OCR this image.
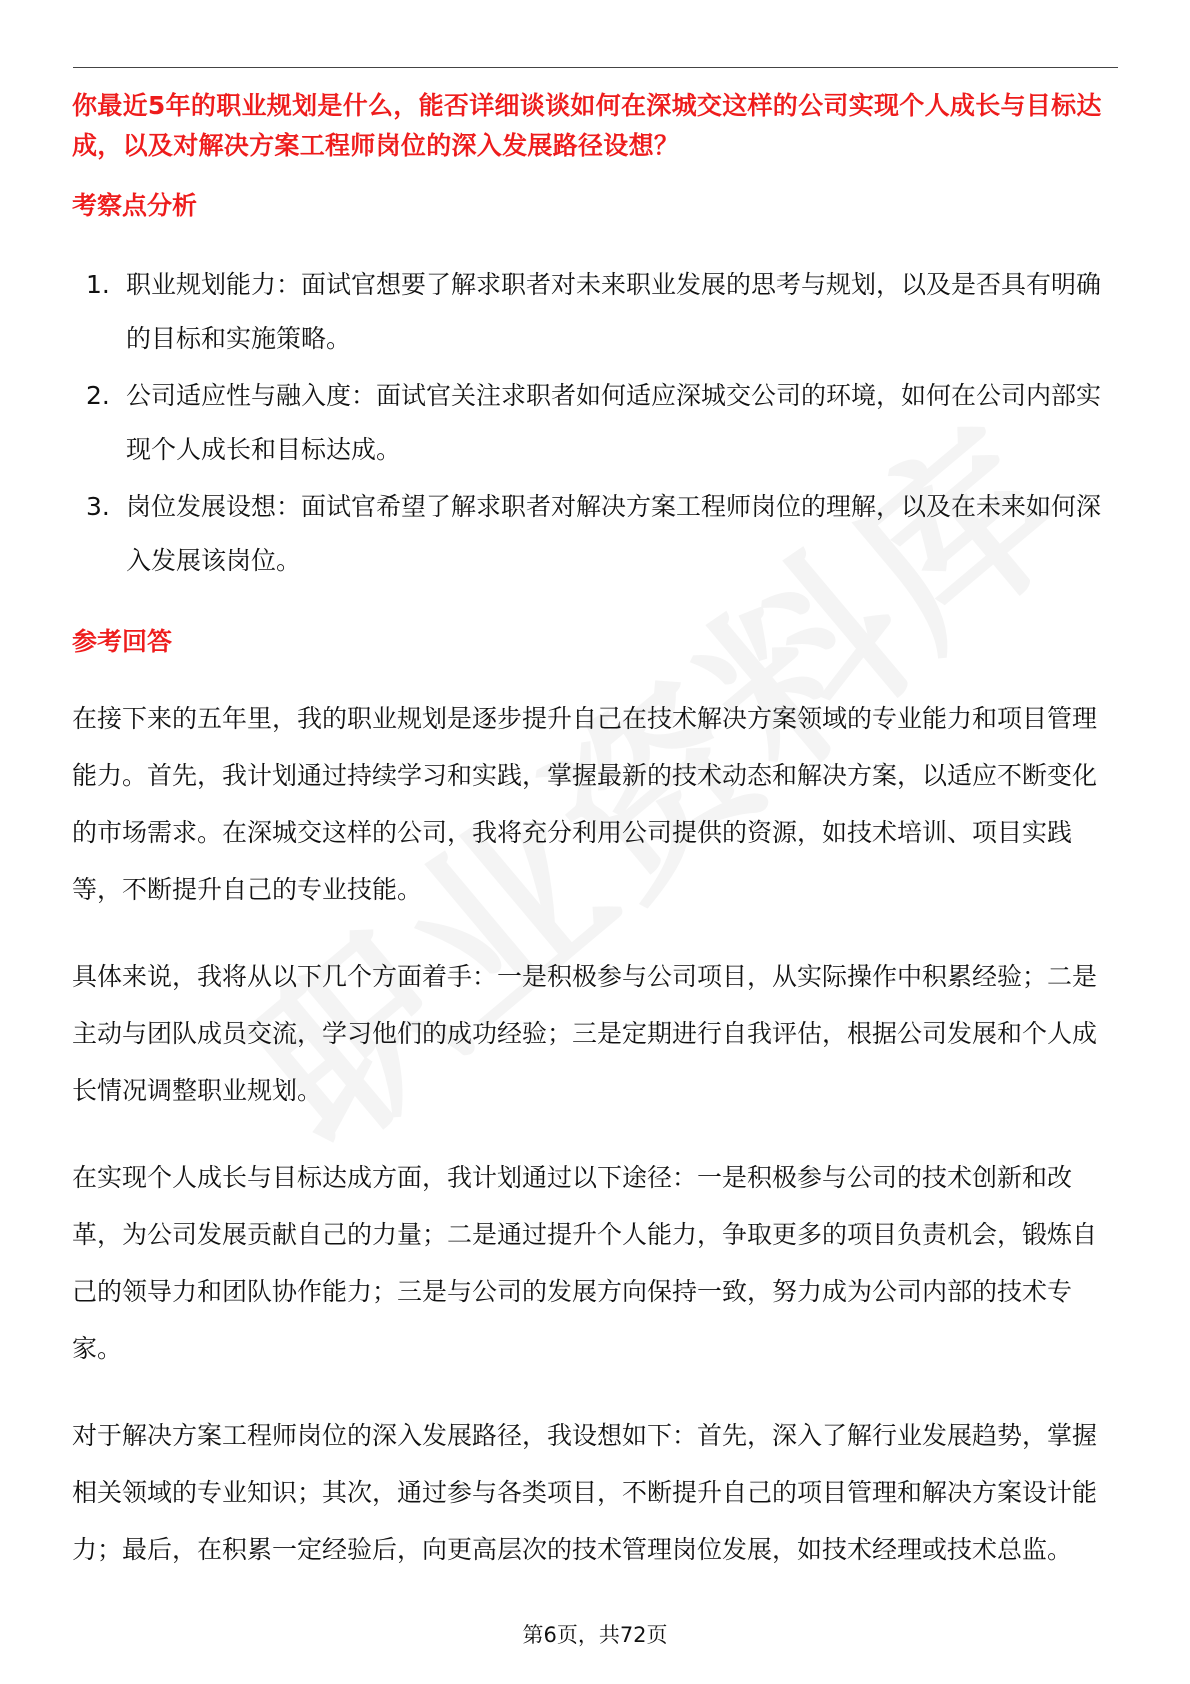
你最近5年的职业规划是什么，能否详细谈谈如何在深城交这样的公司实现个人成长与目标达成，以及对解决方案工程师岗位的深入发展路径设想？

考察点分析
1. 职业规划能力：面试官想要了解求职者对未来职业发展的思考与规划，以及是否具有明确的目标和实施策略。
2. 公司适应性与融入度：面试官关注求职者如何适应深城交公司的环境，如何在公司内部实现个人成长和目标达成。
3. 岗位发展设想：面试官希望了解求职者对解决方案工程师岗位的理解，以及在未来如何深入发展该岗位。
参考回答

在接下来的五年里，我的职业规划是逐步提升自己在技术解决方案领域的专业能力和项目管理能力。首先，我计划通过持续学习和实践，掌握最新的技术动态和解决方案，以适应不断变化的市场需求。在深城交这样的公司，我将充分利用公司提供的资源，如技术培训、项目实践等，不断提升自己的专业技能。

具体来说，我将从以下几个方面着手：一是积极参与公司项目，从实际操作中积累经验；二是主动与团队成员交流，学习他们的成功经验；三是定期进行自我评估，根据公司发展和个人成长情况调整职业规划。

在实现个人成长与目标达成方面，我计划通过以下途径：一是积极参与公司的技术创新和改革，为公司发展贡献自己的力量；二是通过提升个人能力，争取更多的项目负责机会，锻炼自己的领导力和团队协作能力；三是与公司的发展方向保持一致，努力成为公司内部的技术专家。

对于解决方案工程师岗位的深入发展路径，我设想如下：首先，深入了解行业发展趋势，掌握相关领域的专业知识；其次，通过参与各类项目，不断提升自己的项目管理和解决方案设计能力；最后，在积累一定经验后，向更高层次的技术管理岗位发展，如技术经理或技术总监。

第6页，共72页
